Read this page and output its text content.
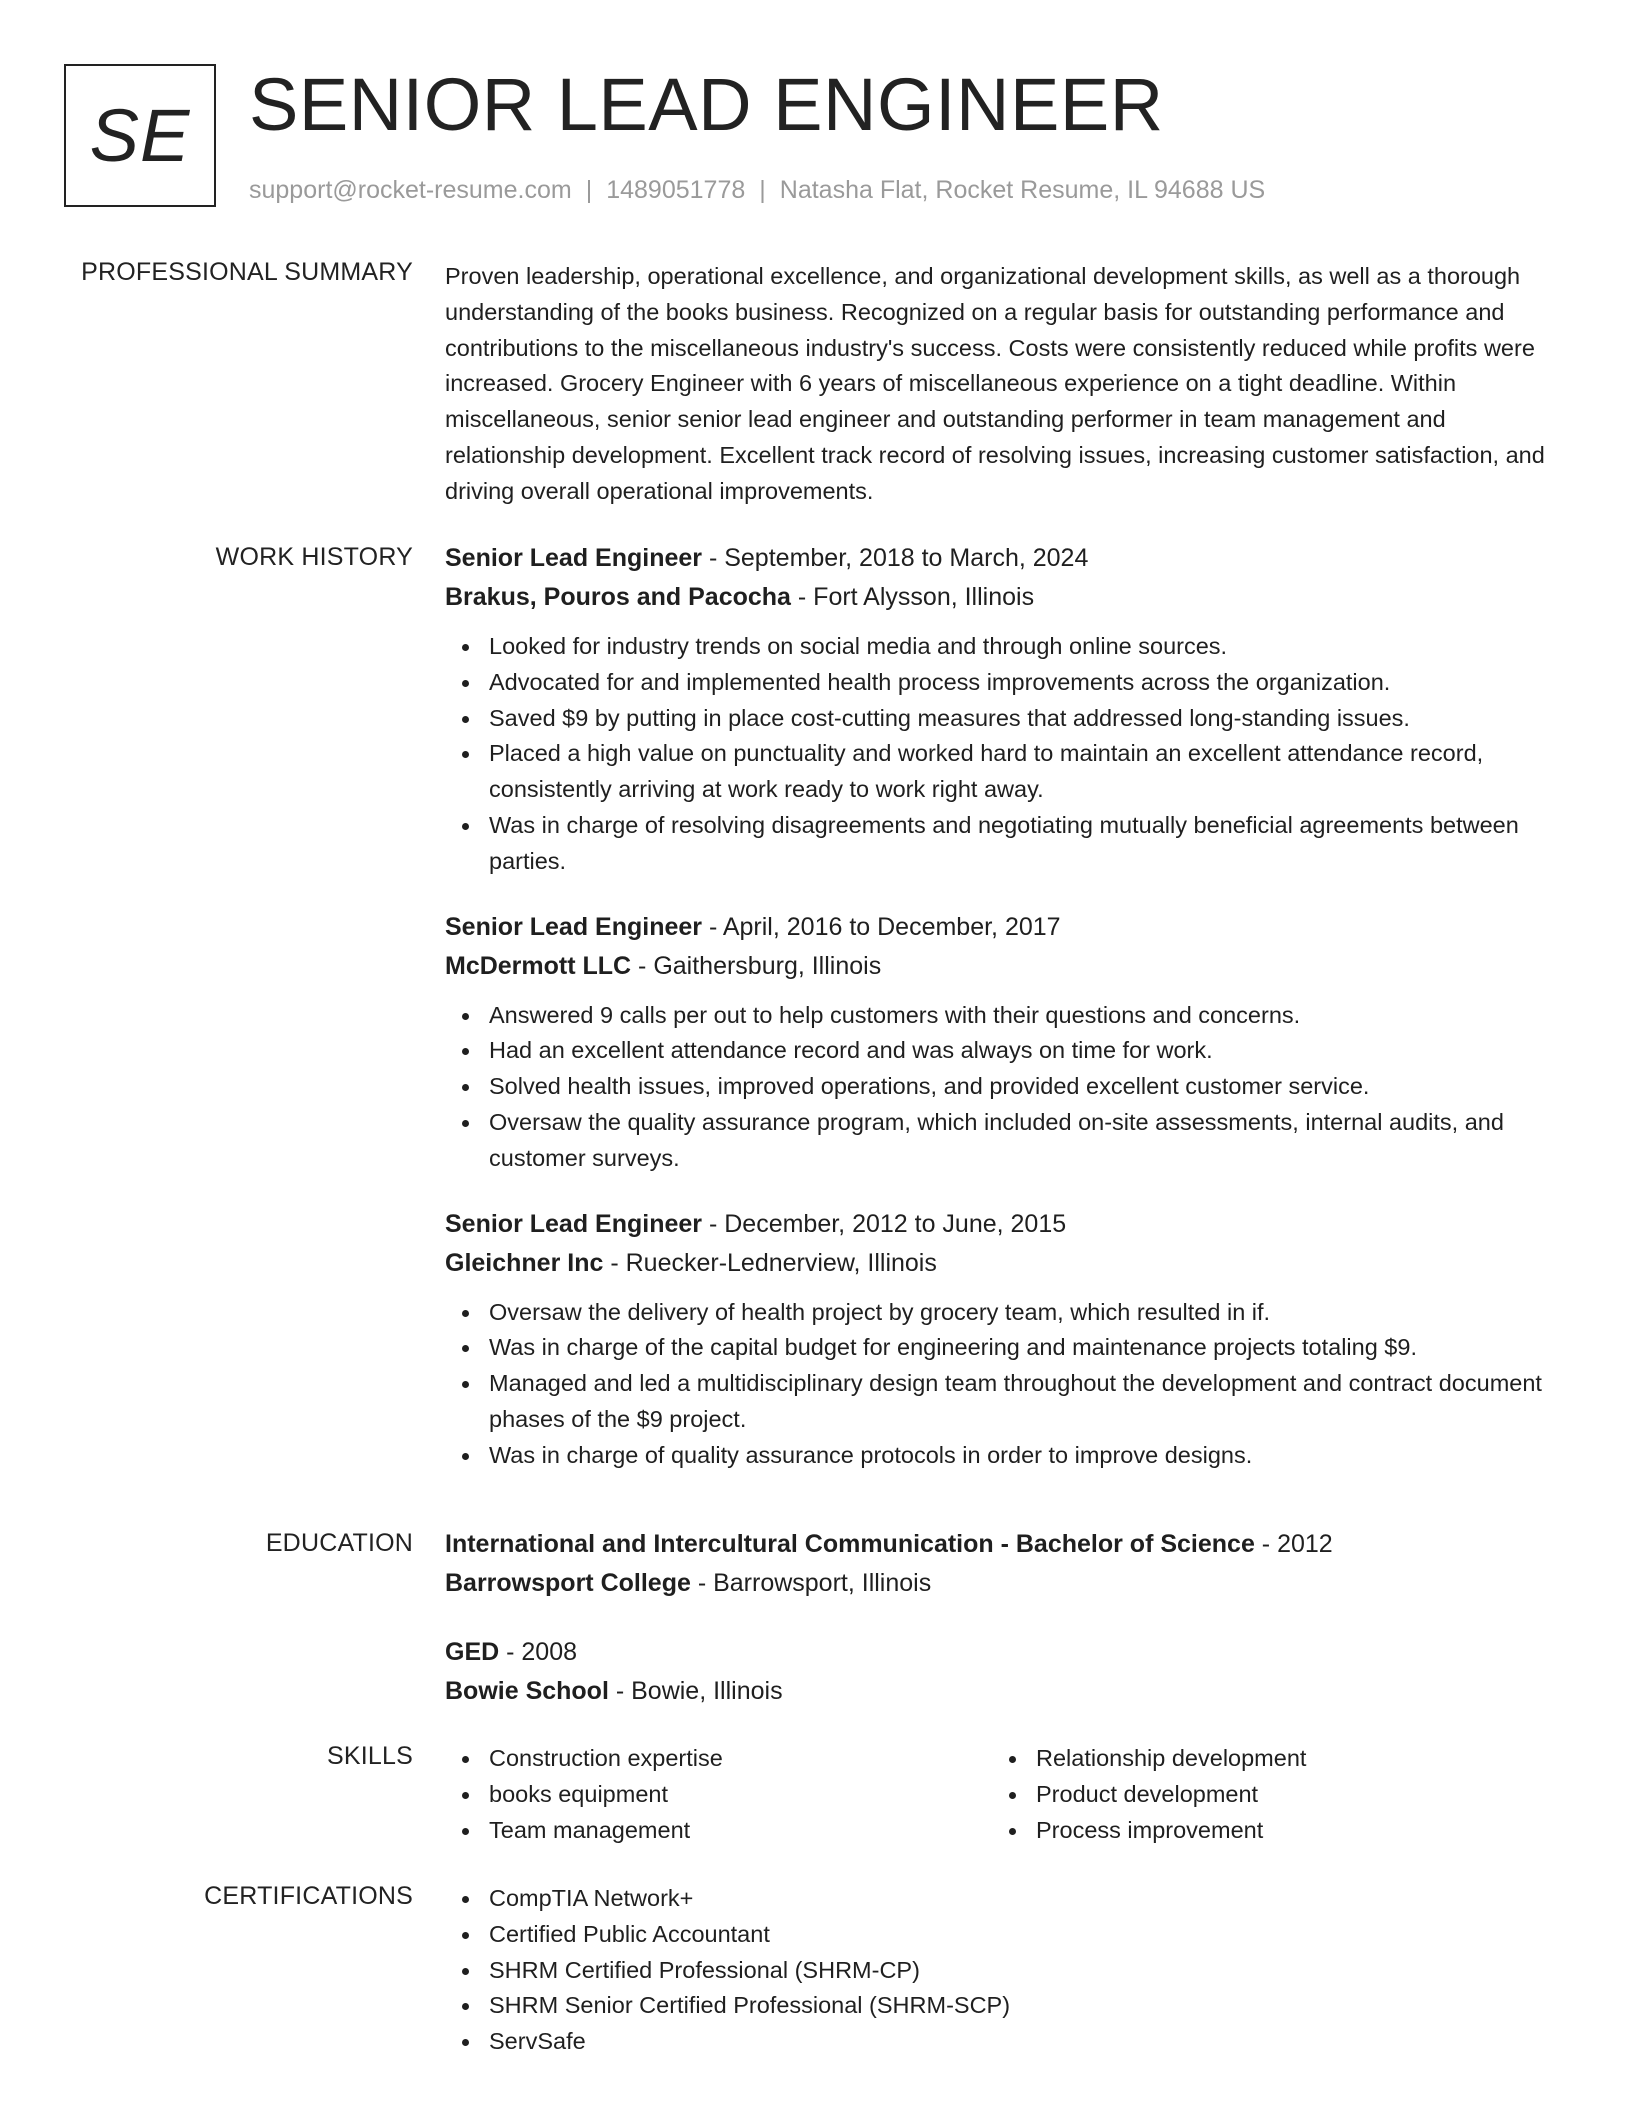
SE SENIOR LEAD ENGINEER
support@rocket-resume.com | 1489051778 | Natasha Flat, Rocket Resume, IL 94688 US
PROFESSIONAL SUMMARY Proven leadership, operational excellence, and organizational development skills, as well as a thorough understanding of the books business. Recognized on a regular basis for outstanding performance and contributions to the miscellaneous industry's success. Costs were consistently reduced while profits were increased. Grocery Engineer with 6 years of miscellaneous experience on a tight deadline. Within miscellaneous, senior senior lead engineer and outstanding performer in team management and relationship development. Excellent track record of resolving issues, increasing customer satisfaction, and driving overall operational improvements.
WORK HISTORY Senior Lead Engineer - September, 2018 to March, 2024
Brakus, Pouros and Pacocha - Fort Alysson, Illinois
Looked for industry trends on social media and through online sources.
Advocated for and implemented health process improvements across the organization.
Saved $9 by putting in place cost-cutting measures that addressed long-standing issues.
Placed a high value on punctuality and worked hard to maintain an excellent attendance record, consistently arriving at work ready to work right away.
Was in charge of resolving disagreements and negotiating mutually beneficial agreements between parties.
Senior Lead Engineer - April, 2016 to December, 2017
McDermott LLC - Gaithersburg, Illinois
Answered 9 calls per out to help customers with their questions and concerns.
Had an excellent attendance record and was always on time for work.
Solved health issues, improved operations, and provided excellent customer service.
Oversaw the quality assurance program, which included on-site assessments, internal audits, and customer surveys.
Senior Lead Engineer - December, 2012 to June, 2015
Gleichner Inc - Ruecker-Lednerview, Illinois
Oversaw the delivery of health project by grocery team, which resulted in if.
Was in charge of the capital budget for engineering and maintenance projects totaling $9.
Managed and led a multidisciplinary design team throughout the development and contract document phases of the $9 project.
Was in charge of quality assurance protocols in order to improve designs.
EDUCATION International and Intercultural Communication - Bachelor of Science - 2012
Barrowsport College - Barrowsport, Illinois
GED - 2008
Bowie School - Bowie, Illinois
SKILLS	Construction expertise
books equipment
Team management
Relationship development
Product development
Process improvement
CERTIFICATIONS	CompTIA Network+
Certified Public Accountant
SHRM Certified Professional (SHRM-CP)
SHRM Senior Certified Professional (SHRM-SCP)
ServSafe
